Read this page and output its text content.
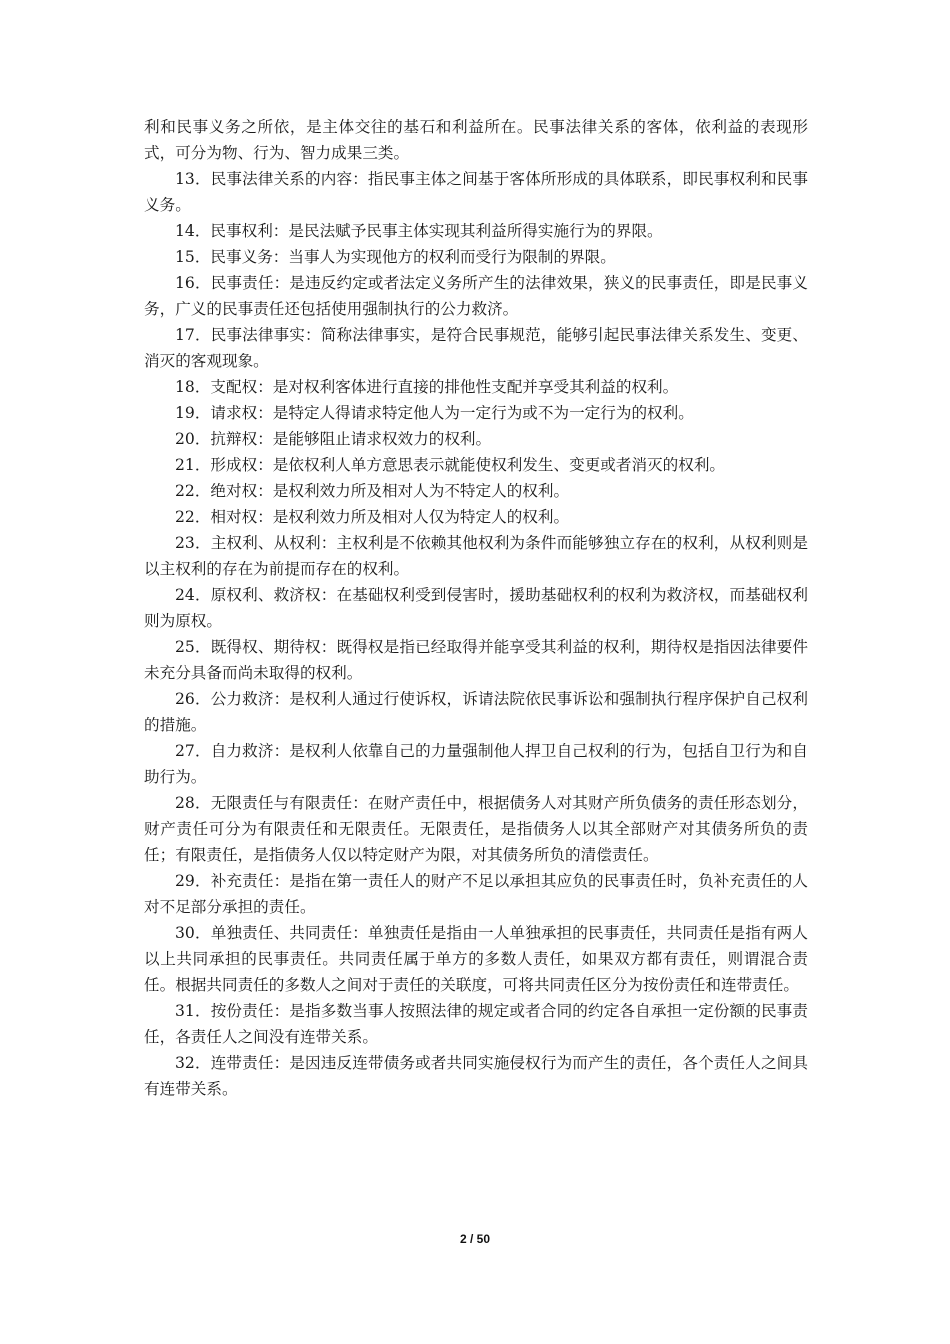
利和民事义务之所依，是主体交往的基石和利益所在。民事法律关系的客体，依利益的表现形式，可分为物、行为、智力成果三类。

13．民事法律关系的内容：指民事主体之间基于客体所形成的具体联系，即民事权利和民事义务。

14．民事权利：是民法赋予民事主体实现其利益所得实施行为的界限。

15．民事义务：当事人为实现他方的权利而受行为限制的界限。

16．民事责任：是违反约定或者法定义务所产生的法律效果，狭义的民事责任，即是民事义务，广义的民事责任还包括使用强制执行的公力救济。

17．民事法律事实：简称法律事实，是符合民事规范，能够引起民事法律关系发生、变更、消灭的客观现象。

18．支配权：是对权利客体进行直接的排他性支配并享受其利益的权利。

19．请求权：是特定人得请求特定他人为一定行为或不为一定行为的权利。

20．抗辩权：是能够阻止请求权效力的权利。

21．形成权：是依权利人单方意思表示就能使权利发生、变更或者消灭的权利。

22．绝对权：是权利效力所及相对人为不特定人的权利。

22．相对权：是权利效力所及相对人仅为特定人的权利。

23．主权利、从权利：主权利是不依赖其他权利为条件而能够独立存在的权利，从权利则是以主权利的存在为前提而存在的权利。

24．原权利、救济权：在基础权利受到侵害时，援助基础权利的权利为救济权，而基础权利则为原权。

25．既得权、期待权：既得权是指已经取得并能享受其利益的权利，期待权是指因法律要件未充分具备而尚未取得的权利。

26．公力救济：是权利人通过行使诉权，诉请法院依民事诉讼和强制执行程序保护自己权利的措施。

27．自力救济：是权利人依靠自己的力量强制他人捍卫自己权利的行为，包括自卫行为和自助行为。

28．无限责任与有限责任：在财产责任中，根据债务人对其财产所负债务的责任形态划分，财产责任可分为有限责任和无限责任。无限责任，是指债务人以其全部财产对其债务所负的责任；有限责任，是指债务人仅以特定财产为限，对其债务所负的清偿责任。

29．补充责任：是指在第一责任人的财产不足以承担其应负的民事责任时，负补充责任的人对不足部分承担的责任。

30．单独责任、共同责任：单独责任是指由一人单独承担的民事责任，共同责任是指有两人以上共同承担的民事责任。共同责任属于单方的多数人责任，如果双方都有责任，则谓混合责任。根据共同责任的多数人之间对于责任的关联度，可将共同责任区分为按份责任和连带责任。

31．按份责任：是指多数当事人按照法律的规定或者合同的约定各自承担一定份额的民事责任，各责任人之间没有连带关系。

32．连带责任：是因违反连带债务或者共同实施侵权行为而产生的责任，各个责任人之间具有连带关系。

2 / 50
